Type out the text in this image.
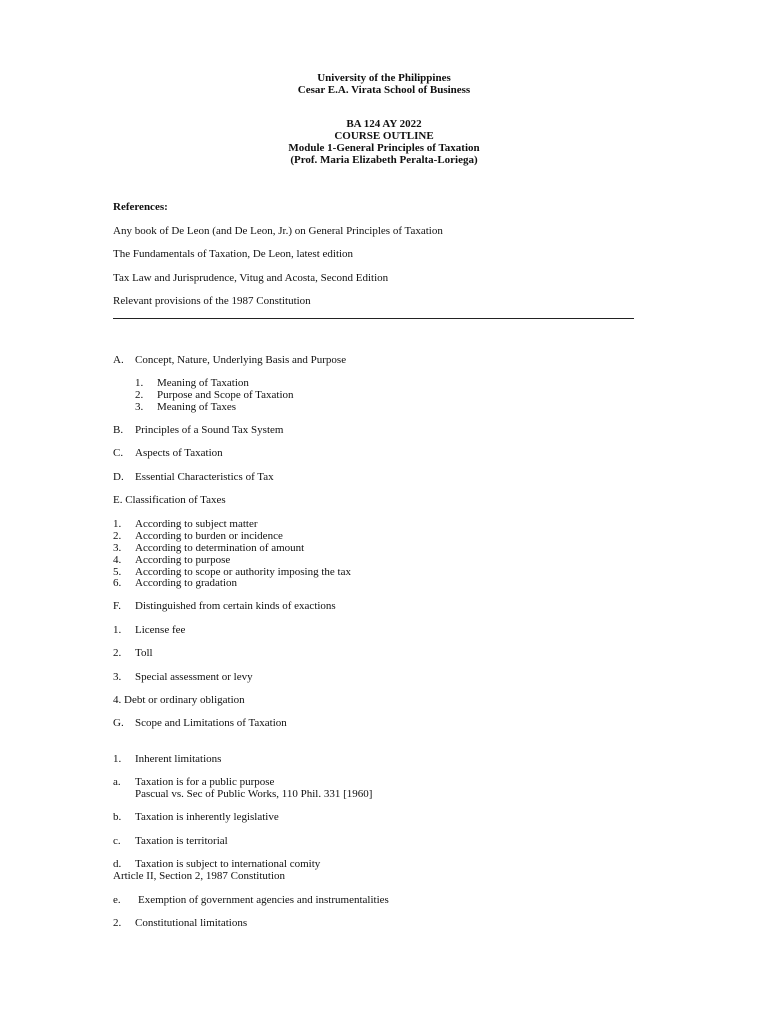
University of the Philippines

Cesar E.A. Virata School of Business

BA 124 AY 2022

COURSE OUTLINE

Module 1-General Principles of Taxation

(Prof. Maria Elizabeth Peralta-Loriega)

References:

Any book of De Leon (and De Leon, Jr.) on General Principles of Taxation

The Fundamentals of Taxation, De Leon, latest edition

Tax Law and Jurisprudence, Vitug and Acosta, Second Edition

Relevant provisions of the 1987 Constitution

A. Concept, Nature, Underlying Basis and Purpose
1. Meaning of Taxation
2. Purpose and Scope of Taxation
3. Meaning of Taxes
B. Principles of a Sound Tax System
C. Aspects of Taxation
D. Essential Characteristics of Tax
E. Classification of Taxes
1. According to subject matter
2. According to burden or incidence
3. According to determination of amount
4. According to purpose
5. According to scope or authority imposing the tax
6. According to gradation
F. Distinguished from certain kinds of exactions
1. License fee
2. Toll
3. Special assessment or levy
4. Debt or ordinary obligation
G. Scope and Limitations of Taxation
1. Inherent limitations
a. Taxation is for a public purpose
Pascual vs. Sec of Public Works, 110 Phil. 331 [1960]
b. Taxation is inherently legislative
c. Taxation is territorial
d. Taxation is subject to international comity
Article II, Section 2, 1987 Constitution
e. Exemption of government agencies and instrumentalities
2. Constitutional limitations
